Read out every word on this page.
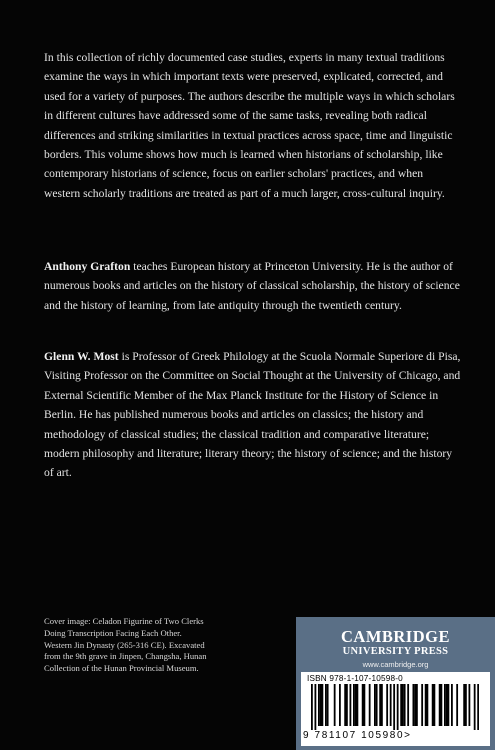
In this collection of richly documented case studies, experts in many textual traditions examine the ways in which important texts were preserved, explicated, corrected, and used for a variety of purposes. The authors describe the multiple ways in which scholars in different cultures have addressed some of the same tasks, revealing both radical differences and striking similarities in textual practices across space, time and linguistic borders. This volume shows how much is learned when historians of scholarship, like contemporary historians of science, focus on earlier scholars' practices, and when western scholarly traditions are treated as part of a much larger, cross-cultural inquiry.

Anthony Grafton teaches European history at Princeton University. He is the author of numerous books and articles on the history of classical scholarship, the history of science and the history of learning, from late antiquity through the twentieth century.

Glenn W. Most is Professor of Greek Philology at the Scuola Normale Superiore di Pisa, Visiting Professor on the Committee on Social Thought at the University of Chicago, and External Scientific Member of the Max Planck Institute for the History of Science in Berlin. He has published numerous books and articles on classics; the history and methodology of classical studies; the classical tradition and comparative literature; modern philosophy and literature; literary theory; the history of science; and the history of art.

Cover image: Celadon Figurine of Two Clerks
Doing Transcription Facing Each Other.
Western Jin Dynasty (265-316 CE). Excavated
from the 9th grave in Jinpen, Changsha, Hunan
Collection of the Hunan Provincial Museum.
CAMBRIDGE
UNIVERSITY PRESS
www.cambridge.org
ISBN 978-1-107-10598-0
9 781107 105980>
